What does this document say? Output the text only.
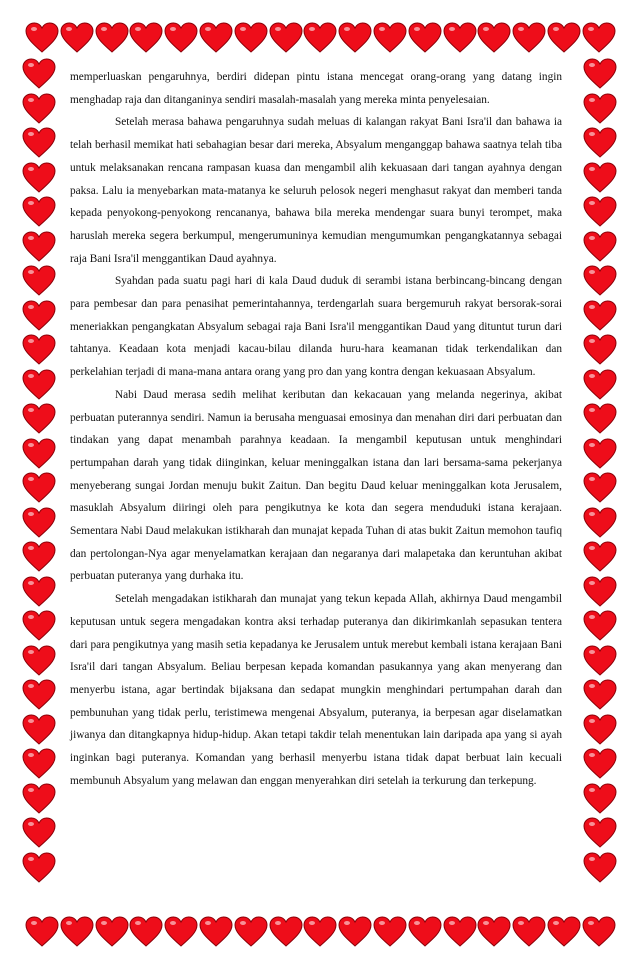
memperluaskan pengaruhnya, berdiri didepan pintu istana mencegat orang-orang yang datang ingin menghadap raja dan ditanganinya sendiri masalah-masalah yang mereka minta penyelesaian.

Setelah merasa bahawa pengaruhnya sudah meluas di kalangan rakyat Bani Isra'il dan bahawa ia telah berhasil memikat hati sebahagian besar dari mereka, Absyalum menganggap bahawa saatnya telah tiba untuk melaksanakan rencana rampasan kuasa dan mengambil alih kekuasaan dari tangan ayahnya dengan paksa. Lalu ia menyebarkan mata-matanya ke seluruh pelosok negeri menghasut rakyat dan memberi tanda kepada penyokong-penyokong rencananya, bahawa bila mereka mendengar suara bunyi terompet, maka haruslah mereka segera berkumpul, mengerumuninya kemudian mengumumkan pengangkatannya sebagai raja Bani Isra'il menggantikan Daud ayahnya.

Syahdan pada suatu pagi hari di kala Daud duduk di serambi istana berbincang-bincang dengan para pembesar dan para penasihat pemerintahannya, terdengarlah suara bergemuruh rakyat bersorak-sorai meneriakkan pengangkatan Absyalum sebagai raja Bani Isra'il menggantikan Daud yang dituntut turun dari tahtanya. Keadaan kota menjadi kacau-bilau dilanda huru-hara keamanan tidak terkendalikan dan perkelahian terjadi di mana-mana antara orang yang pro dan yang kontra dengan kekuasaan Absyalum.

Nabi Daud merasa sedih melihat keributan dan kekacauan yang melanda negerinya, akibat perbuatan puterannya sendiri. Namun ia berusaha menguasai emosinya dan menahan diri dari perbuatan dan tindakan yang dapat menambah parahnya keadaan. Ia mengambil keputusan untuk menghindari pertumpahan darah yang tidak diinginkan, keluar meninggalkan istana dan lari bersama-sama pekerjanya menyeberang sungai Jordan menuju bukit Zaitun. Dan begitu Daud keluar meninggalkan kota Jerusalem, masuklah Absyalum diiringi oleh para pengikutnya ke kota dan segera menduduki istana kerajaan. Sementara Nabi Daud melakukan istikharah dan munajat kepada Tuhan di atas bukit Zaitun memohon taufiq dan pertolongan-Nya agar menyelamatkan kerajaan dan negaranya dari malapetaka dan keruntuhan akibat perbuatan puteranya yang durhaka itu.

Setelah mengadakan istikharah dan munajat yang tekun kepada Allah, akhirnya Daud mengambil keputusan untuk segera mengadakan kontra aksi terhadap puteranya dan dikirimkanlah sepasukan tentera dari para pengikutnya yang masih setia kepadanya ke Jerusalem untuk merebut kembali istana kerajaan Bani Isra'il dari tangan Absyalum. Beliau berpesan kepada komandan pasukannya yang akan menyerang dan menyerbu istana, agar bertindak bijaksana dan sedapat mungkin menghindari pertumpahan darah dan pembunuhan yang tidak perlu, teristimewa mengenai Absyalum, puteranya, ia berpesan agar diselamatkan jiwanya dan ditangkapnya hidup-hidup. Akan tetapi takdir telah menentukan lain daripada apa yang si ayah inginkan bagi puteranya. Komandan yang berhasil menyerbu istana tidak dapat berbuat lain kecuali membunuh Absyalum yang melawan dan enggan menyerahkan diri setelah ia terkurung dan terkepung.
